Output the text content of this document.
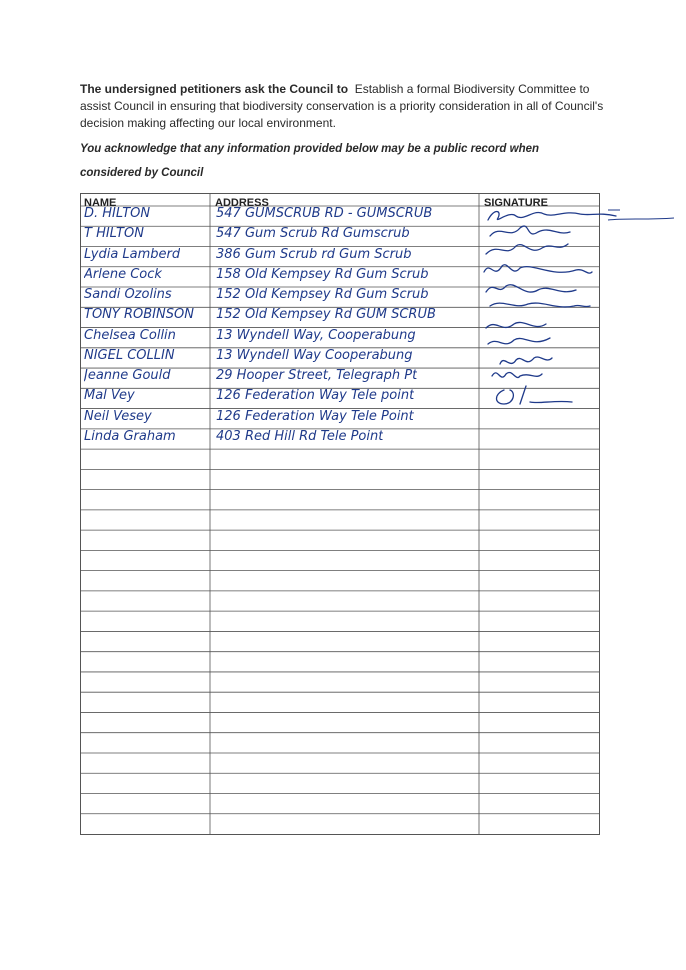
The undersigned petitioners ask the Council to Establish a formal Biodiversity Committee to assist Council in ensuring that biodiversity conservation is a priority consideration in all of Council's decision making affecting our local environment.
You acknowledge that any information provided below may be a public record when
considered by Council
NAME	ADDRESS	SIGNATURE
D. HILTON	547 GUMSCRUB RD - GUMSCRUB
T HILTON	547 Gum Scrub Rd Gumscrub
Lydia Lamberd	386 Gum Scrub rd Gum Scrub
Arlene Cock	158 Old Kempsey Rd Gum Scrub
Sandi Ozolins	152 Old Kempsey Rd Gum Scrub
TONY ROBINSON 152 Old Kempsey Rd GUM SCRUB
Chelsea Collin	13 Wyndell Way, Cooperabung
NIGEL COLLIN	13 Wyndell Way Cooperabung
Jeanne Gould	29 Hooper Street, Telegraph Pt
Mal Vey	126 Federation Way Tele point
Neil Vesey	126 Federation Way Tele Point
Linda Graham	403 Red Hill Rd Tele Point
